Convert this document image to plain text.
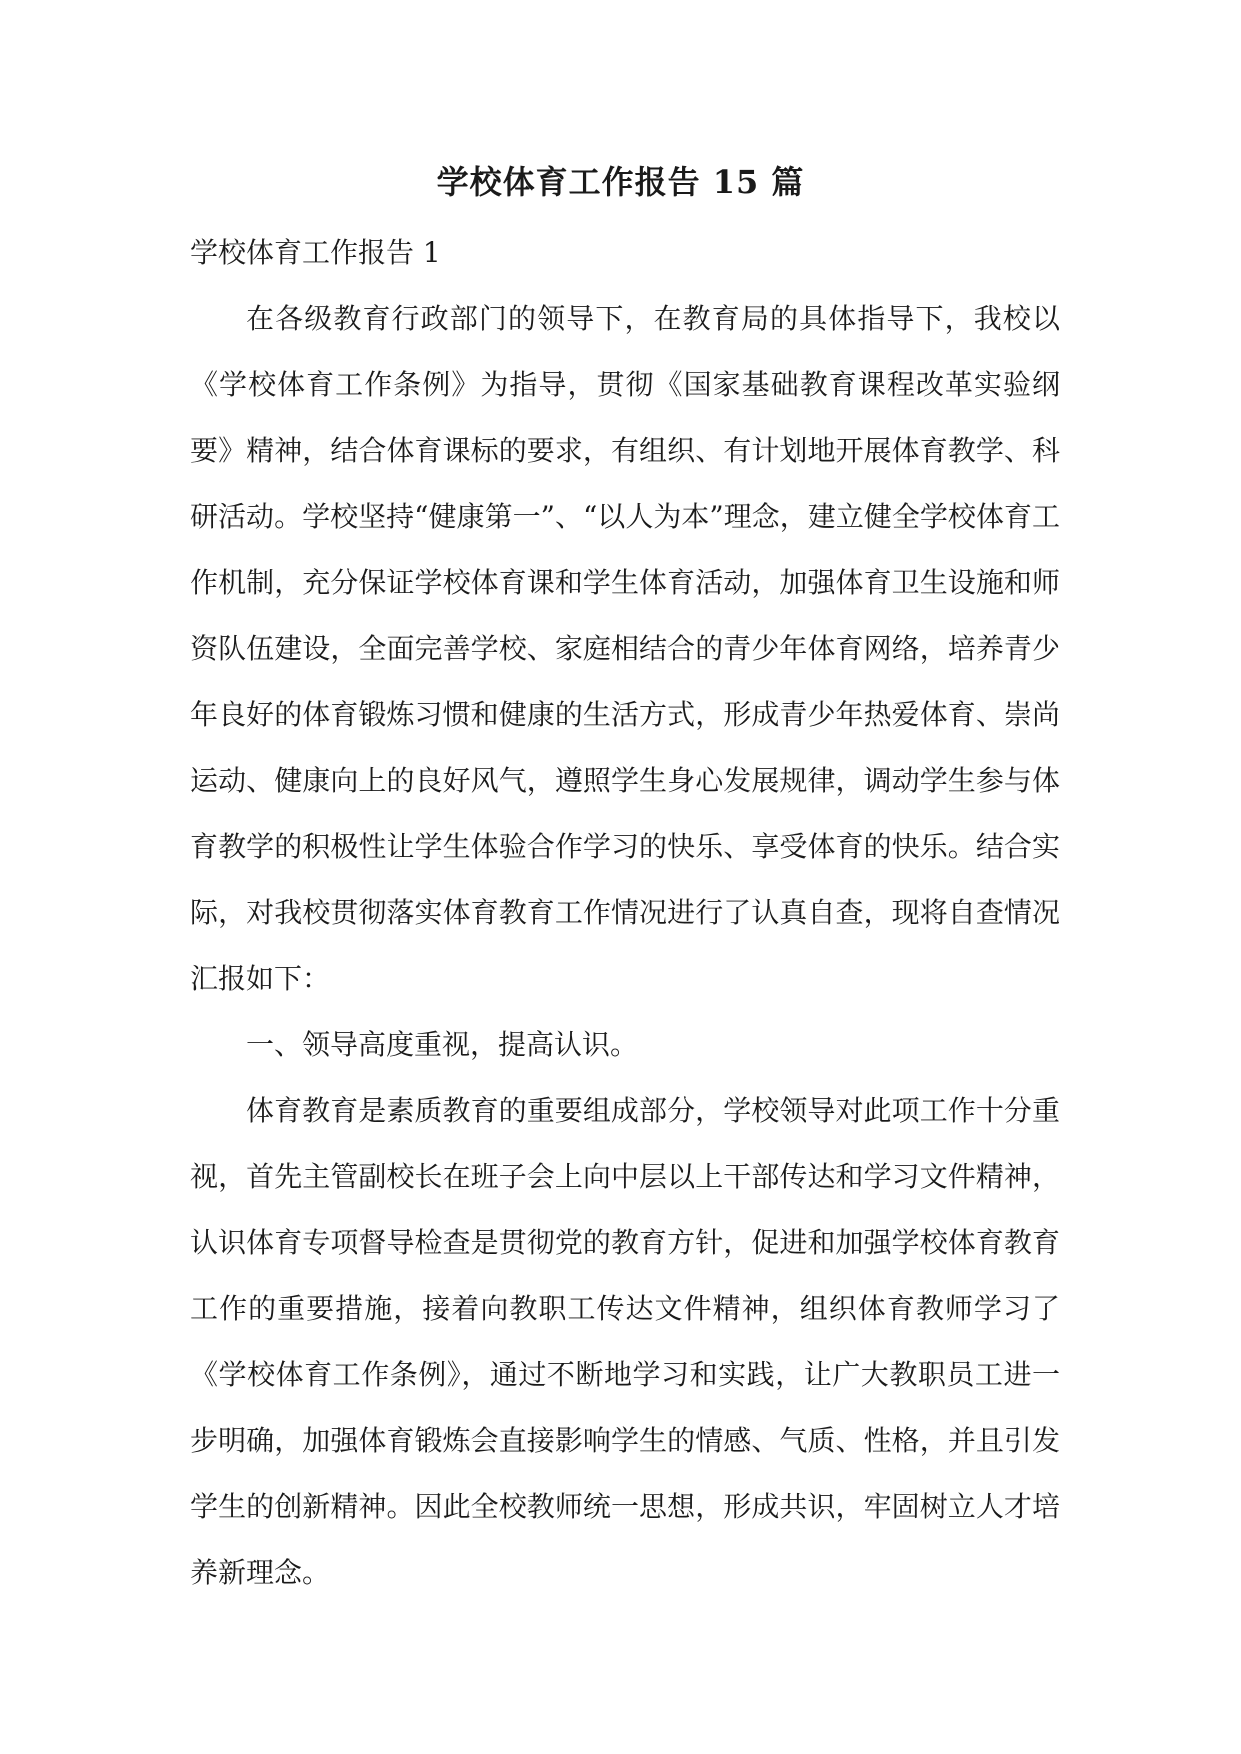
学校体育工作报告 15 篇

学校体育工作报告 1

在各级教育行政部门的领导下，在教育局的具体指导下，我校以《学校体育工作条例》为指导，贯彻《国家基础教育课程改革实验纲要》精神，结合体育课标的要求，有组织、有计划地开展体育教学、科研活动。学校坚持“健康第一”、“以人为本”理念，建立健全学校体育工作机制，充分保证学校体育课和学生体育活动，加强体育卫生设施和师资队伍建设，全面完善学校、家庭相结合的青少年体育网络，培养青少年良好的体育锻炼习惯和健康的生活方式，形成青少年热爱体育、崇尚运动、健康向上的良好风气，遵照学生身心发展规律，调动学生参与体育教学的积极性让学生体验合作学习的快乐、享受体育的快乐。结合实际，对我校贯彻落实体育教育工作情况进行了认真自查，现将自查情况汇报如下：

一、领导高度重视，提高认识。

体育教育是素质教育的重要组成部分，学校领导对此项工作十分重视，首先主管副校长在班子会上向中层以上干部传达和学习文件精神，认识体育专项督导检查是贯彻党的教育方针，促进和加强学校体育教育工作的重要措施，接着向教职工传达文件精神，组织体育教师学习了《学校体育工作条例》，通过不断地学习和实践，让广大教职员工进一步明确，加强体育锻炼会直接影响学生的情感、气质、性格，并且引发学生的创新精神。因此全校教师统一思想，形成共识，牢固树立人才培养新理念。
